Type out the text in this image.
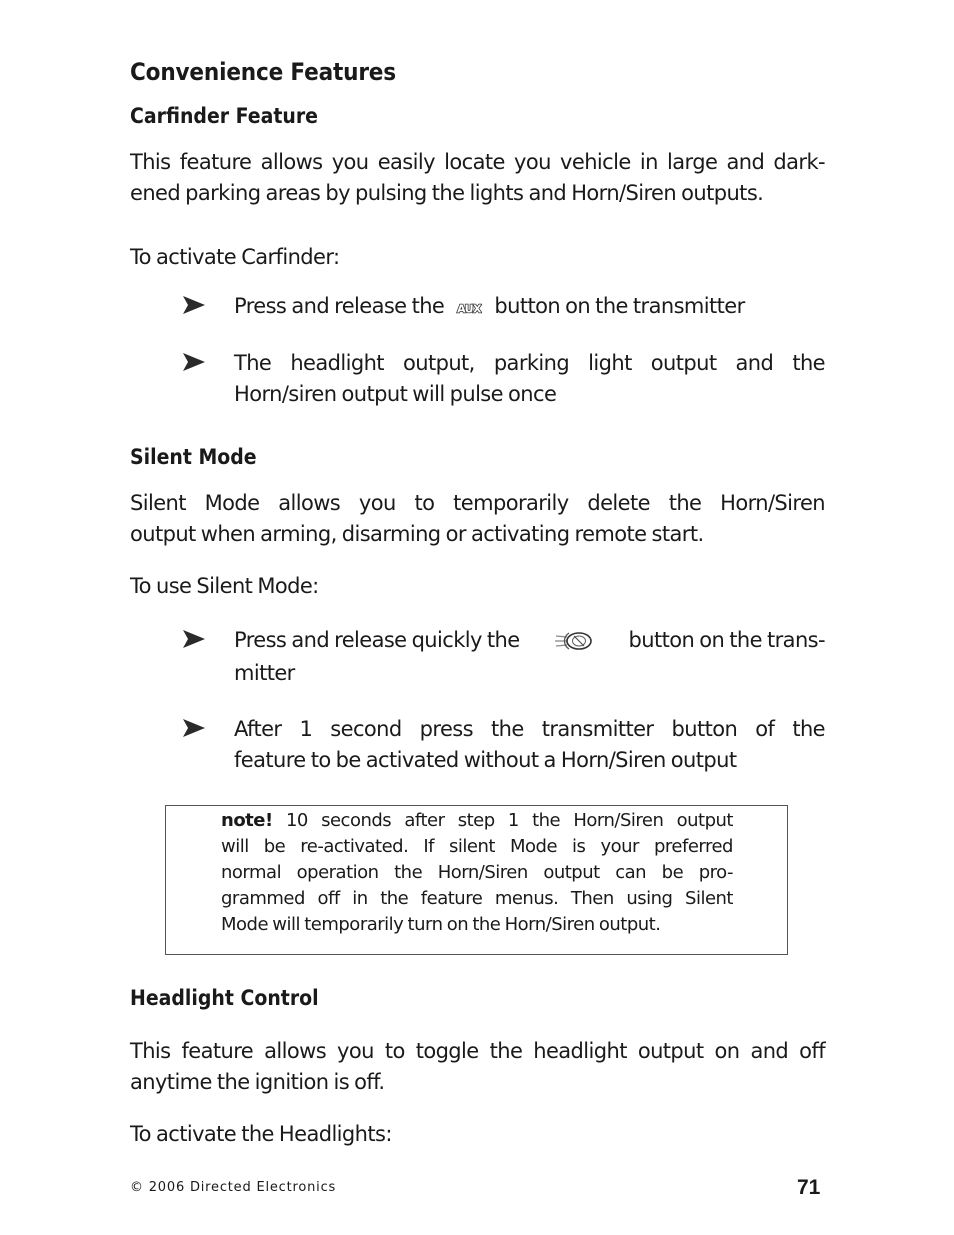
Convenience Features
Carfinder Feature
This feature allows you easily locate you vehicle in large and dark-
ened parking areas by pulsing the lights and Horn/Siren outputs.
To activate Carfinder:
Press and release the AUX button on the transmitter
The headlight output, parking light output and the
Horn/siren output will pulse once
Silent Mode
Silent Mode allows you to temporarily delete the Horn/Siren
output when arming, disarming or activating remote start.
To use Silent Mode:
Press and release quickly the	button on the trans-
mitter
After 1 second press the transmitter button of the
feature to be activated without a Horn/Siren output
note! 10 seconds after step 1 the Horn/Siren output
will be re-activated. If silent Mode is your preferred
normal operation the Horn/Siren output can be pro-
grammed off in the feature menus. Then using Silent
Mode will temporarily turn on the Horn/Siren output.
Headlight Control
This feature allows you to toggle the headlight output on and off
anytime the ignition is off.
To activate the Headlights:
© 2006 Directed Electronics	71
